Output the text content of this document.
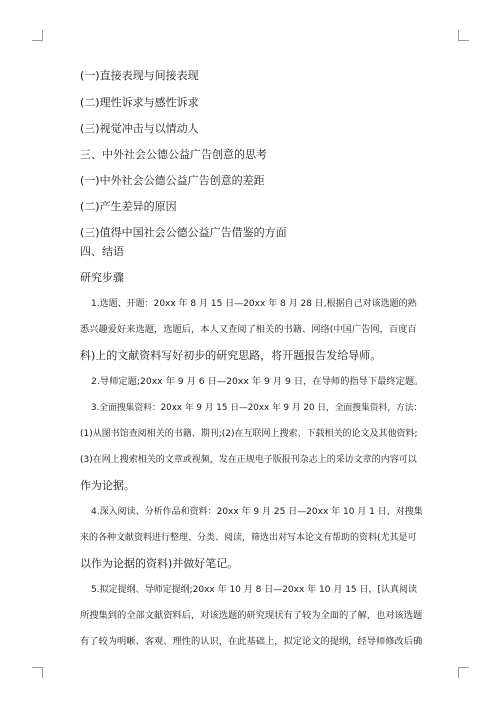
(一)直接表现与间接表现
(二)理性诉求与感性诉求
(三)视觉冲击与以情动人
三、中外社会公德公益广告创意的思考
(一)中外社会公德公益广告创意的差距
(二)产生差异的原因
(三)值得中国社会公德公益广告借鉴的方面
四、结语
研究步骤
1.选题、开题：20xx 年 8 月 15 日—20xx 年 8 月 28 日,根据自己对该选题的熟
悉兴趣爱好来选题，选题后，本人又查阅了相关的书籍、网络(中国广告网，百度百
科)上的文献资料写好初步的研究思路，将开题报告发给导师。
2.导师定题;20xx 年 9 月 6 日—20xx 年 9 月 9 日，在导师的指导下最终定题。
3.全面搜集资料：20xx 年 9 月 15 日—20xx 年 9 月 20 日，全面搜集资料，方法：
(1)从图书馆查阅相关的书籍、期刊;(2)在互联网上搜索、下载相关的论文及其他资料;
(3)在网上搜索相关的文章或视频，发在正规电子版报刊杂志上的采访文章的内容可以
作为论据。
4.深入阅读、分析作品和资料：20xx 年 9 月 25 日—20xx 年 10 月 1 日，对搜集
来的各种文献资料进行整理、分类、阅读，筛选出对写本论文有帮助的资料(尤其是可
以作为论据的资料)并做好笔记。
5.拟定提纲、导师定提纲;20xx 年 10 月 8 日—20xx 年 10 月 15 日，[认真阅读
所搜集到的全部文献资料后，对该选题的研究现状有了较为全面的了解，也对该选题
有了较为明晰、客观、理性的认识，在此基础上，拟定论文的提纲，经导师修改后确
